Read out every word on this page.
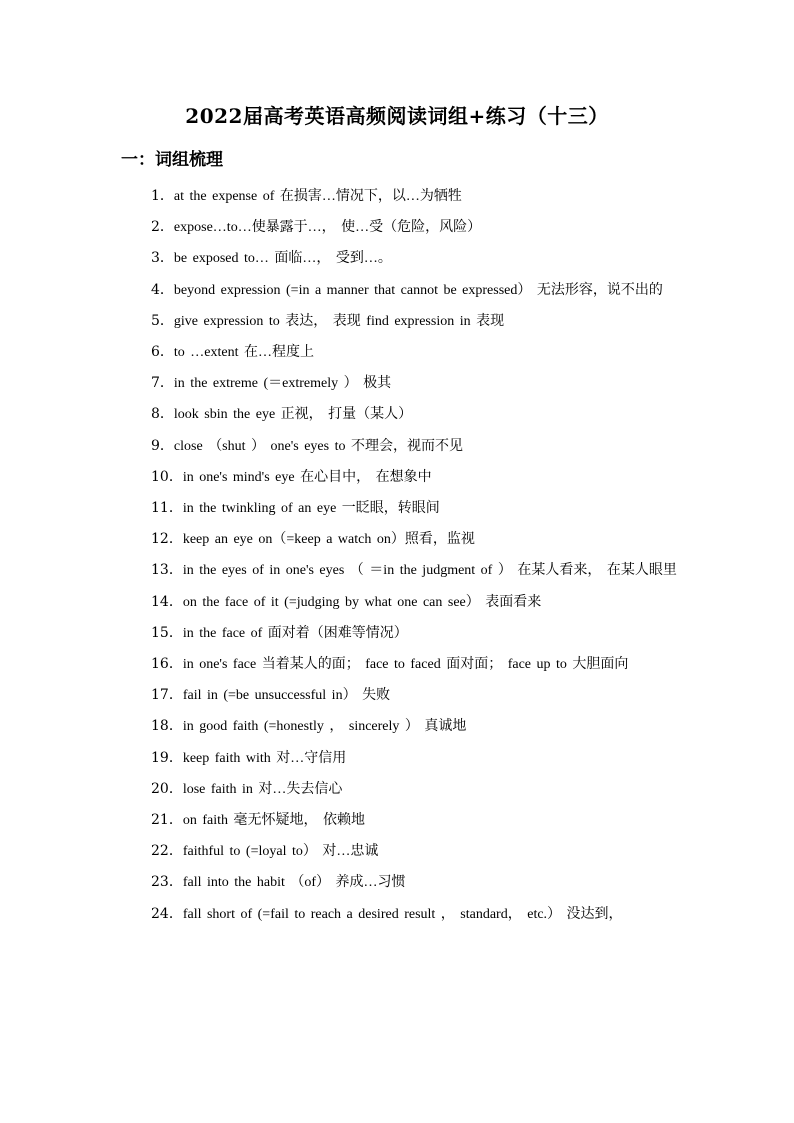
2022届高考英语高频阅读词组+练习（十三）
一：词组梳理
1．at the expense of 在损害…情况下，以…为牺牲
2．expose…to…使暴露于…， 使…受（危险，风险）
3．be exposed to… 面临…， 受到…。
4．beyond expression (=in a manner that cannot be expressed） 无法形容，说不出的
5．give expression to 表达， 表现 find expression in 表现
6．to …extent 在…程度上
7．in the extreme (＝extremely ） 极其
8．look sbin the eye 正视， 打量（某人）
9．close （shut ） one's eyes to 不理会，视而不见
10．in one's mind's eye 在心目中， 在想象中
11．in the twinkling of an eye 一眨眼，转眼间
12．keep an eye on（=keep a watch on）照看，监视
13．in the eyes of in one's eyes （ ＝in the judgment of ） 在某人看来， 在某人眼里
14．on the face of it (=judging by what one can see） 表面看来
15．in the face of 面对着（困难等情况）
16．in one's face 当着某人的面； face to faced 面对面； face up to 大胆面向
17．fail in (=be unsuccessful in） 失败
18．in good faith (=honestly ， sincerely ） 真诚地
19．keep faith with 对…守信用
20．lose faith in 对…失去信心
21．on faith 毫无怀疑地， 依赖地
22．faithful to (=loyal to） 对…忠诚
23．fall into the habit （of） 养成…习惯
24．fall short of (=fail to reach a desired result ， standard， etc.） 没达到，
